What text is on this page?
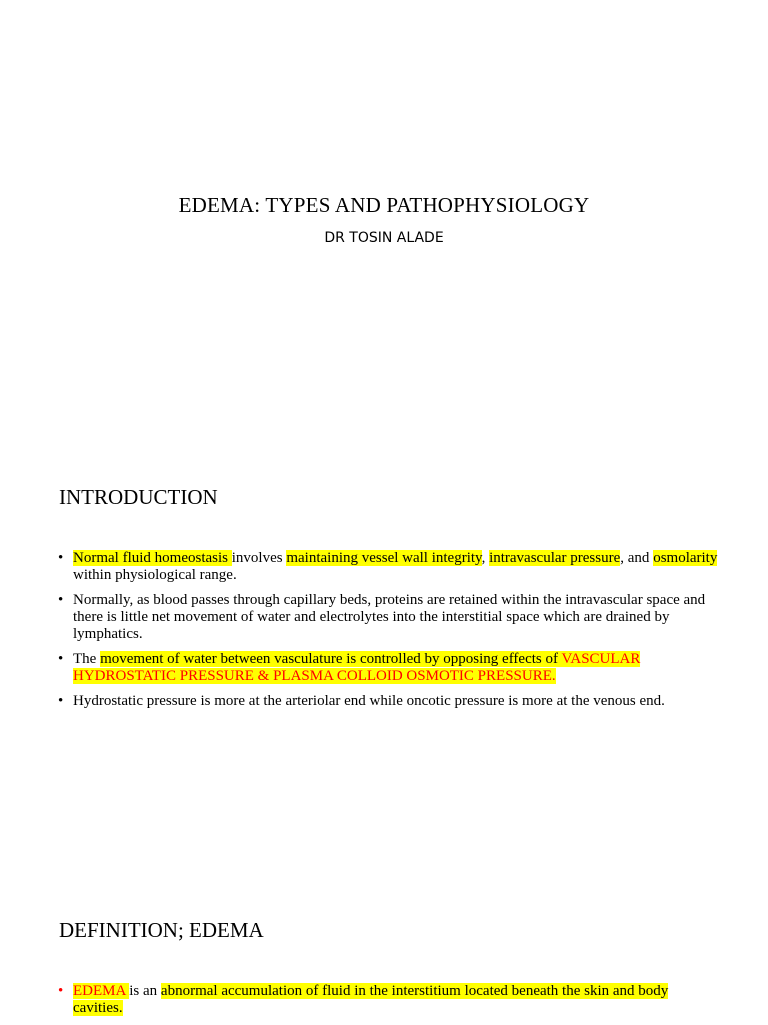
EDEMA: TYPES AND PATHOPHYSIOLOGY
DR TOSIN ALADE
INTRODUCTION
• Normal fluid homeostasis involves maintaining vessel wall integrity, intravascular pressure, and osmolarity within physiological range.
• Normally, as blood passes through capillary beds, proteins are retained within the intravascular space and there is little net movement of water and electrolytes into the interstitial space which are drained by lymphatics.
• The movement of water between vasculature is controlled by opposing effects of VASCULAR HYDROSTATIC PRESSURE & PLASMA COLLOID OSMOTIC PRESSURE.
• Hydrostatic pressure is more at the arteriolar end while oncotic pressure is more at the venous end.
DEFINITION; EDEMA
• EDEMA is an abnormal accumulation of fluid in the interstitium located beneath the skin and body cavities.
